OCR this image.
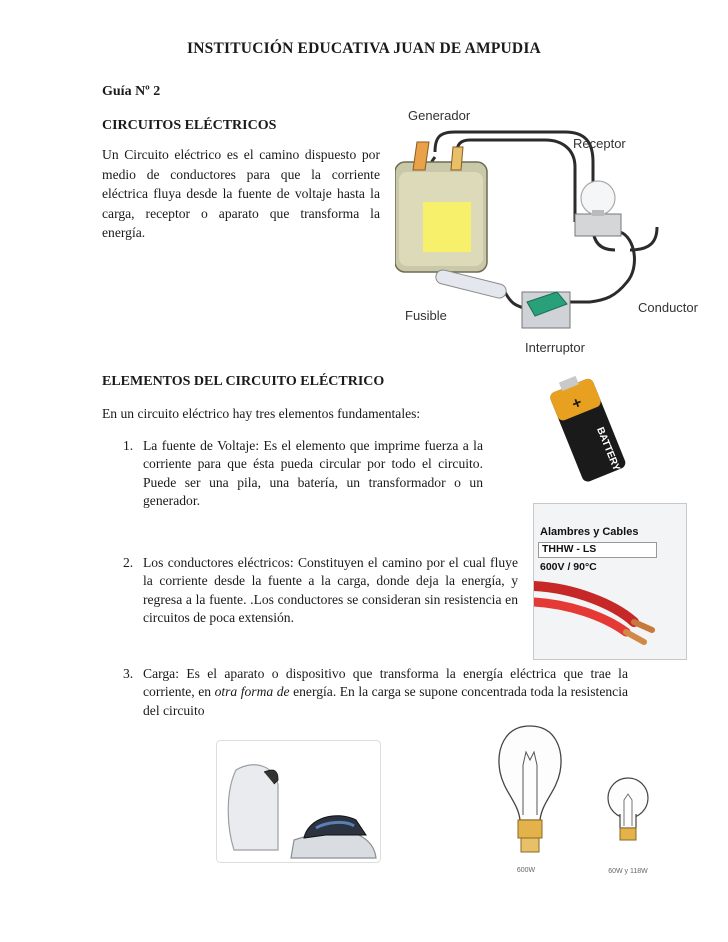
INSTITUCIÓN EDUCATIVA JUAN DE AMPUDIA
Guía Nº 2
CIRCUITOS ELÉCTRICOS
Un Circuito eléctrico es el camino dispuesto por medio de conductores para que la corriente eléctrica fluya desde la fuente de voltaje hasta la carga, receptor o aparato que transforma la energía.
Generador
Receptor
Fusible
Conductor
Interruptor
ELEMENTOS DEL CIRCUITO ELÉCTRICO
En un circuito eléctrico hay tres elementos fundamentales:
1. La fuente de Voltaje: Es el elemento que imprime fuerza a la corriente para que ésta pueda circular por todo el circuito. Puede ser una pila, una batería, un transformador o un generador.
2. Los conductores eléctricos: Constituyen el camino por el cual fluye la corriente desde la fuente a la carga, donde deja la energía, y regresa a la fuente. .Los conductores se consideran sin resistencia en circuitos de poca extensión.
3. Carga: Es el aparato o dispositivo que transforma la energía eléctrica que trae la corriente, en otra forma de energía. En la carga se supone concentrada toda la resistencia del circuito
+
BATTERY
Alambres y Cables
THHW - LS
600V / 90°C
600W	60W y 118W
